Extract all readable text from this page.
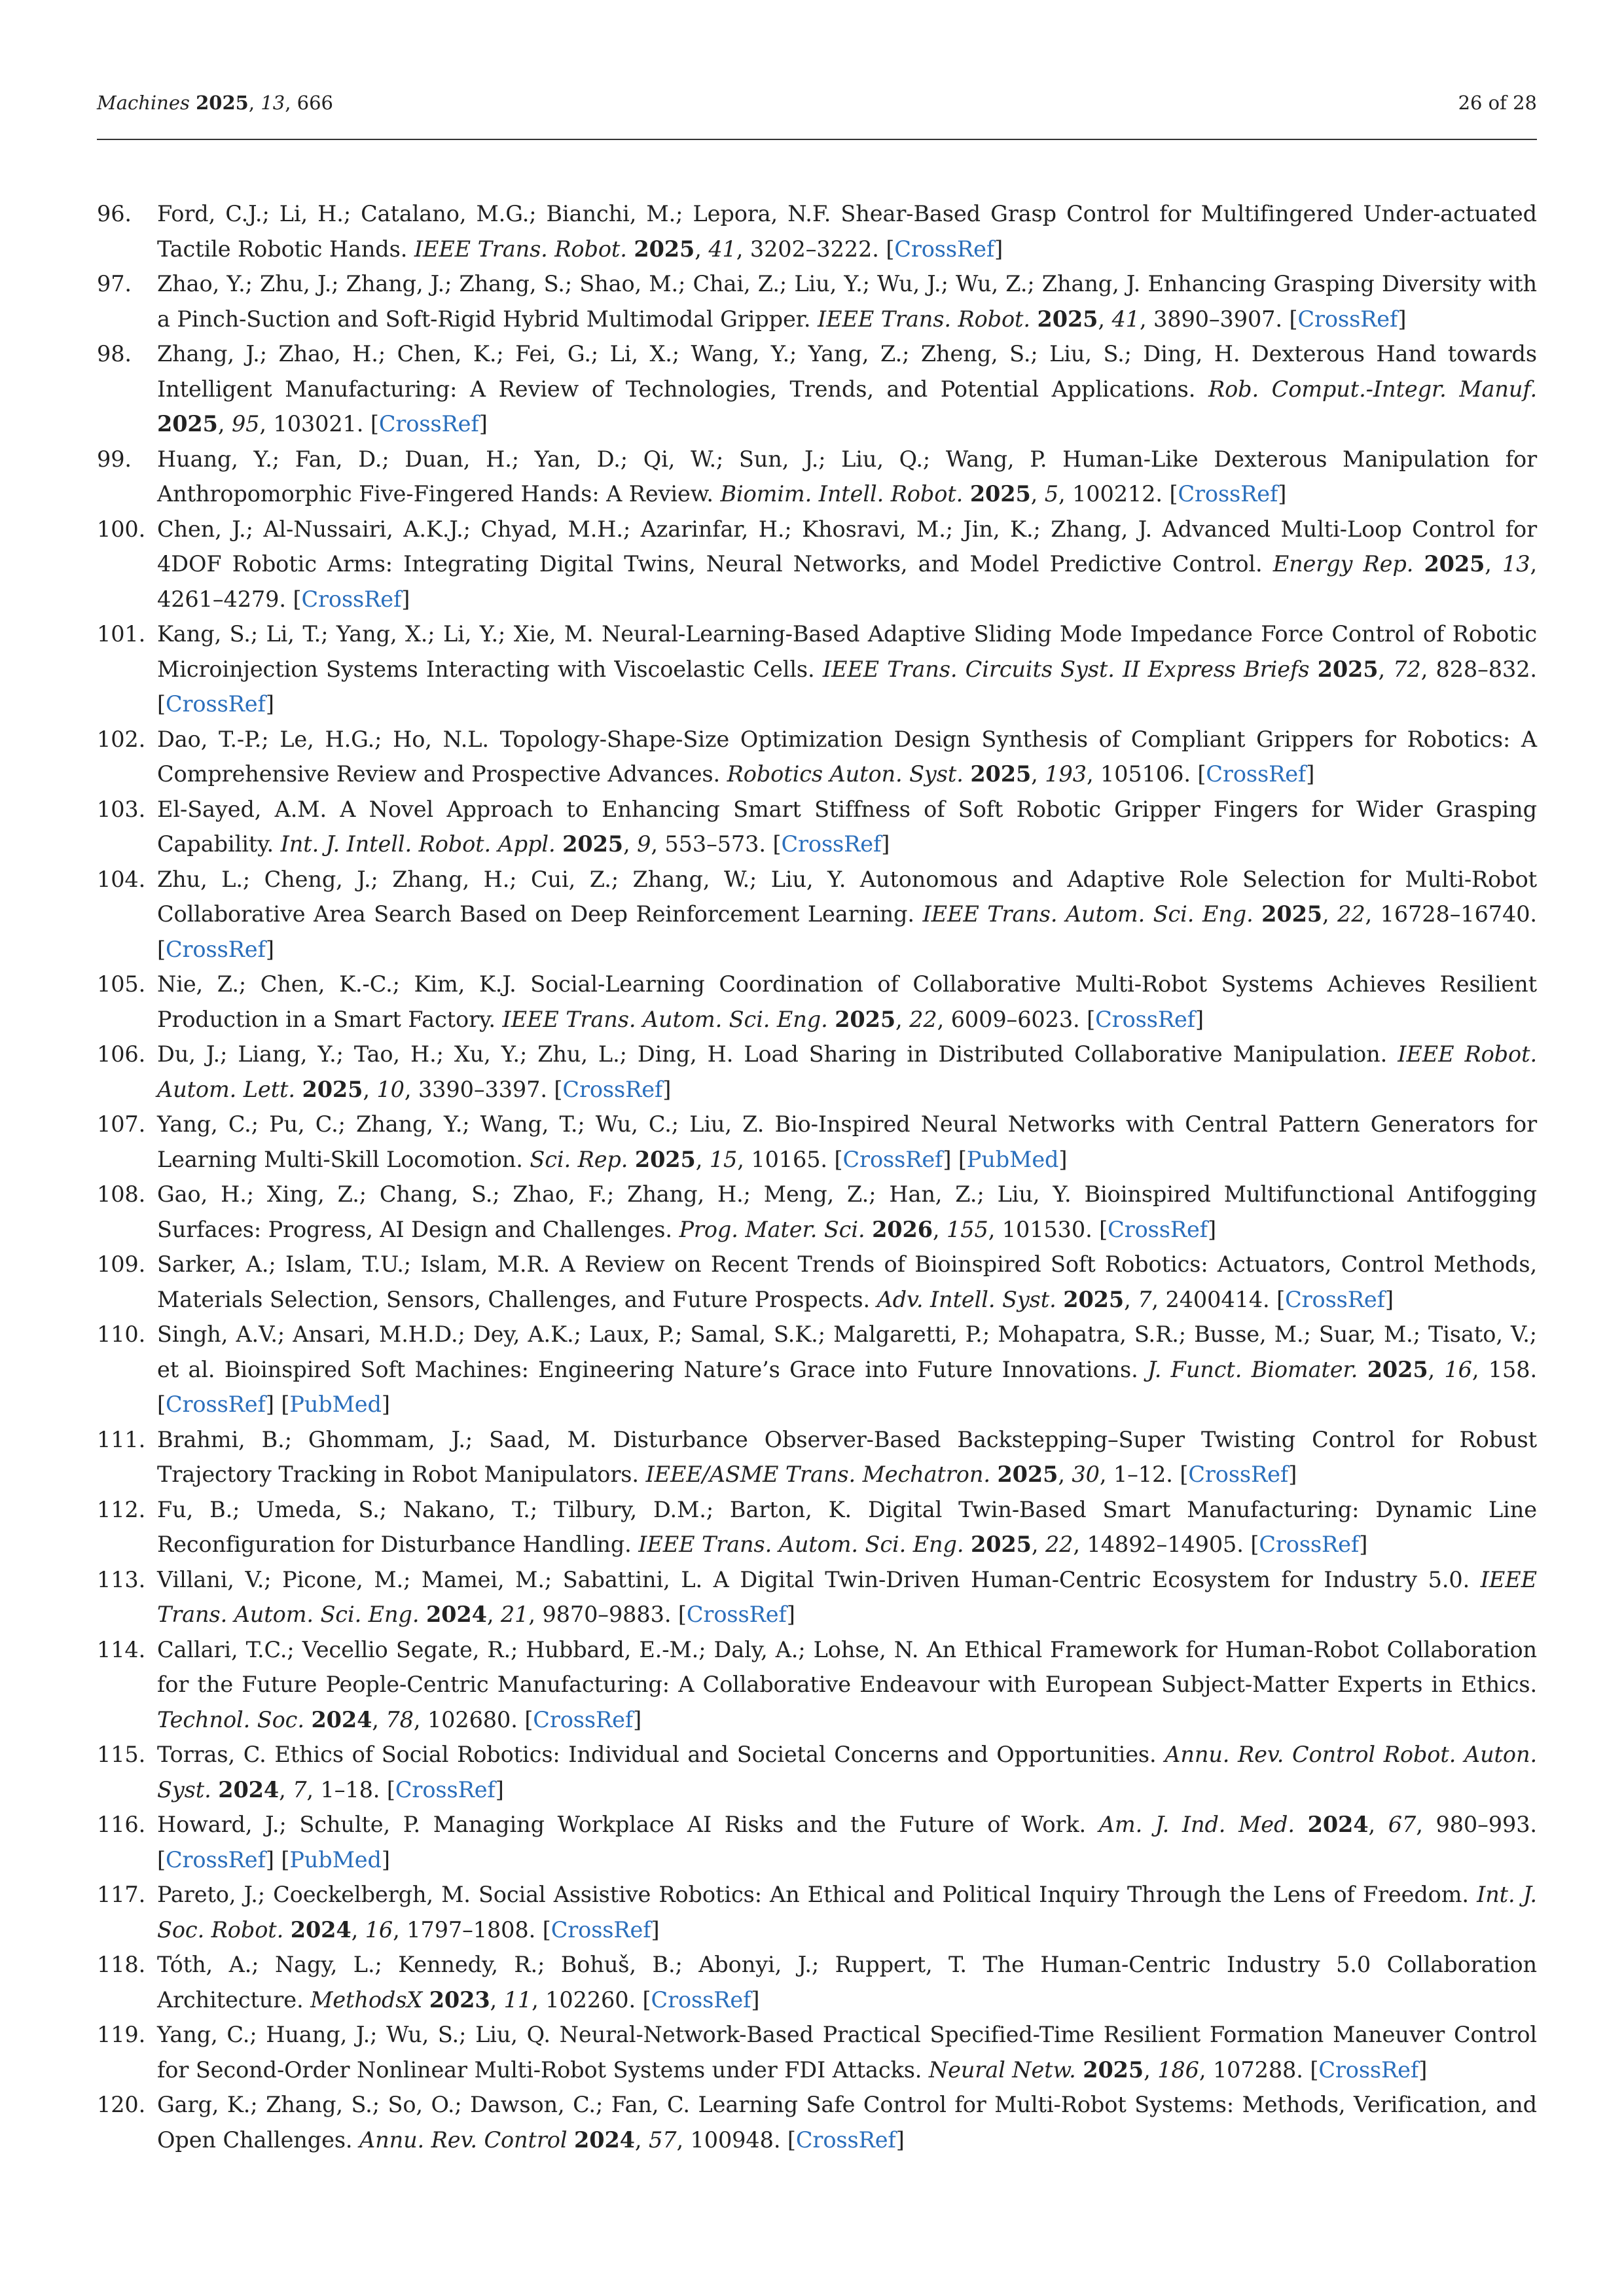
Machines 2025, 13, 666	26 of 28
96. Ford, C.J.; Li, H.; Catalano, M.G.; Bianchi, M.; Lepora, N.F. Shear-Based Grasp Control for Multifingered Under-actuated Tactile Robotic Hands. IEEE Trans. Robot. 2025, 41, 3202–3222. [CrossRef]
97. Zhao, Y.; Zhu, J.; Zhang, J.; Zhang, S.; Shao, M.; Chai, Z.; Liu, Y.; Wu, J.; Wu, Z.; Zhang, J. Enhancing Grasping Diversity with a Pinch-Suction and Soft-Rigid Hybrid Multimodal Gripper. IEEE Trans. Robot. 2025, 41, 3890–3907. [CrossRef]
98. Zhang, J.; Zhao, H.; Chen, K.; Fei, G.; Li, X.; Wang, Y.; Yang, Z.; Zheng, S.; Liu, S.; Ding, H. Dexterous Hand towards Intelligent Manufacturing: A Review of Technologies, Trends, and Potential Applications. Rob. Comput.-Integr. Manuf. 2025, 95, 103021. [CrossRef]
99. Huang, Y.; Fan, D.; Duan, H.; Yan, D.; Qi, W.; Sun, J.; Liu, Q.; Wang, P. Human-Like Dexterous Manipulation for Anthropomorphic Five-Fingered Hands: A Review. Biomim. Intell. Robot. 2025, 5, 100212. [CrossRef]
100. Chen, J.; Al-Nussairi, A.K.J.; Chyad, M.H.; Azarinfar, H.; Khosravi, M.; Jin, K.; Zhang, J. Advanced Multi-Loop Control for 4DOF Robotic Arms: Integrating Digital Twins, Neural Networks, and Model Predictive Control. Energy Rep. 2025, 13, 4261–4279. [CrossRef]
101. Kang, S.; Li, T.; Yang, X.; Li, Y.; Xie, M. Neural-Learning-Based Adaptive Sliding Mode Impedance Force Control of Robotic Microinjection Systems Interacting with Viscoelastic Cells. IEEE Trans. Circuits Syst. II Express Briefs 2025, 72, 828–832. [CrossRef]
102. Dao, T.-P.; Le, H.G.; Ho, N.L. Topology-Shape-Size Optimization Design Synthesis of Compliant Grippers for Robotics: A Comprehensive Review and Prospective Advances. Robotics Auton. Syst. 2025, 193, 105106. [CrossRef]
103. El-Sayed, A.M. A Novel Approach to Enhancing Smart Stiffness of Soft Robotic Gripper Fingers for Wider Grasping Capability. Int. J. Intell. Robot. Appl. 2025, 9, 553–573. [CrossRef]
104. Zhu, L.; Cheng, J.; Zhang, H.; Cui, Z.; Zhang, W.; Liu, Y. Autonomous and Adaptive Role Selection for Multi-Robot Collaborative Area Search Based on Deep Reinforcement Learning. IEEE Trans. Autom. Sci. Eng. 2025, 22, 16728–16740. [CrossRef]
105. Nie, Z.; Chen, K.-C.; Kim, K.J. Social-Learning Coordination of Collaborative Multi-Robot Systems Achieves Resilient Production in a Smart Factory. IEEE Trans. Autom. Sci. Eng. 2025, 22, 6009–6023. [CrossRef]
106. Du, J.; Liang, Y.; Tao, H.; Xu, Y.; Zhu, L.; Ding, H. Load Sharing in Distributed Collaborative Manipulation. IEEE Robot. Autom. Lett. 2025, 10, 3390–3397. [CrossRef]
107. Yang, C.; Pu, C.; Zhang, Y.; Wang, T.; Wu, C.; Liu, Z. Bio-Inspired Neural Networks with Central Pattern Generators for Learning Multi-Skill Locomotion. Sci. Rep. 2025, 15, 10165. [CrossRef] [PubMed]
108. Gao, H.; Xing, Z.; Chang, S.; Zhao, F.; Zhang, H.; Meng, Z.; Han, Z.; Liu, Y. Bioinspired Multifunctional Antifogging Surfaces: Progress, AI Design and Challenges. Prog. Mater. Sci. 2026, 155, 101530. [CrossRef]
109. Sarker, A.; Islam, T.U.; Islam, M.R. A Review on Recent Trends of Bioinspired Soft Robotics: Actuators, Control Methods, Materials Selection, Sensors, Challenges, and Future Prospects. Adv. Intell. Syst. 2025, 7, 2400414. [CrossRef]
110. Singh, A.V.; Ansari, M.H.D.; Dey, A.K.; Laux, P.; Samal, S.K.; Malgaretti, P.; Mohapatra, S.R.; Busse, M.; Suar, M.; Tisato, V.; et al. Bioinspired Soft Machines: Engineering Nature’s Grace into Future Innovations. J. Funct. Biomater. 2025, 16, 158. [CrossRef] [PubMed]
111. Brahmi, B.; Ghommam, J.; Saad, M. Disturbance Observer-Based Backstepping–Super Twisting Control for Robust Trajectory Tracking in Robot Manipulators. IEEE/ASME Trans. Mechatron. 2025, 30, 1–12. [CrossRef]
112. Fu, B.; Umeda, S.; Nakano, T.; Tilbury, D.M.; Barton, K. Digital Twin-Based Smart Manufacturing: Dynamic Line Reconfiguration for Disturbance Handling. IEEE Trans. Autom. Sci. Eng. 2025, 22, 14892–14905. [CrossRef]
113. Villani, V.; Picone, M.; Mamei, M.; Sabattini, L. A Digital Twin-Driven Human-Centric Ecosystem for Industry 5.0. IEEE Trans. Autom. Sci. Eng. 2024, 21, 9870–9883. [CrossRef]
114. Callari, T.C.; Vecellio Segate, R.; Hubbard, E.-M.; Daly, A.; Lohse, N. An Ethical Framework for Human-Robot Collaboration for the Future People-Centric Manufacturing: A Collaborative Endeavour with European Subject-Matter Experts in Ethics. Technol. Soc. 2024, 78, 102680. [CrossRef]
115. Torras, C. Ethics of Social Robotics: Individual and Societal Concerns and Opportunities. Annu. Rev. Control Robot. Auton. Syst. 2024, 7, 1–18. [CrossRef]
116. Howard, J.; Schulte, P. Managing Workplace AI Risks and the Future of Work. Am. J. Ind. Med. 2024, 67, 980–993. [CrossRef] [PubMed]
117. Pareto, J.; Coeckelbergh, M. Social Assistive Robotics: An Ethical and Political Inquiry Through the Lens of Freedom. Int. J. Soc. Robot. 2024, 16, 1797–1808. [CrossRef]
118. Tóth, A.; Nagy, L.; Kennedy, R.; Bohuš, B.; Abonyi, J.; Ruppert, T. The Human-Centric Industry 5.0 Collaboration Architecture. MethodsX 2023, 11, 102260. [CrossRef]
119. Yang, C.; Huang, J.; Wu, S.; Liu, Q. Neural-Network-Based Practical Specified-Time Resilient Formation Maneuver Control for Second-Order Nonlinear Multi-Robot Systems under FDI Attacks. Neural Netw. 2025, 186, 107288. [CrossRef]
120. Garg, K.; Zhang, S.; So, O.; Dawson, C.; Fan, C. Learning Safe Control for Multi-Robot Systems: Methods, Verification, and Open Challenges. Annu. Rev. Control 2024, 57, 100948. [CrossRef]
